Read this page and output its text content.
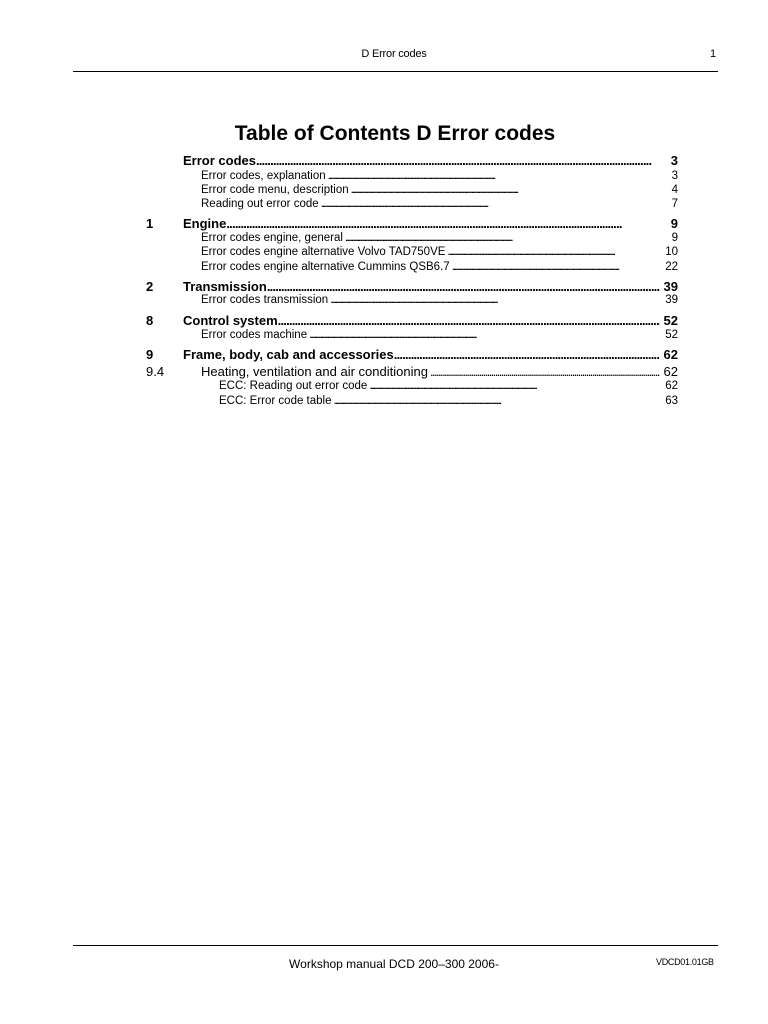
D Error codes	1
Table of Contents D Error codes
Error codes . . .	3
Error codes, explanation . . .	3
Error code menu, description . . .	4
Reading out error code . . .	7
1 Engine . . .	9
Error codes engine, general . . .	9
Error codes engine alternative Volvo TAD750VE . . .	10
Error codes engine alternative Cummins QSB6.7 . . .	22
2 Transmission . . .	39
Error codes transmission . . .	39
8 Control system . . .	52
Error codes machine . . .	52
9 Frame, body, cab and accessories . . .	62
9.4	Heating, ventilation and air conditioning . . .	62
ECC: Reading out error code . . .	62
ECC: Error code table . . .	63
Workshop manual DCD 200–300 2006-	VDCD01.01GB
